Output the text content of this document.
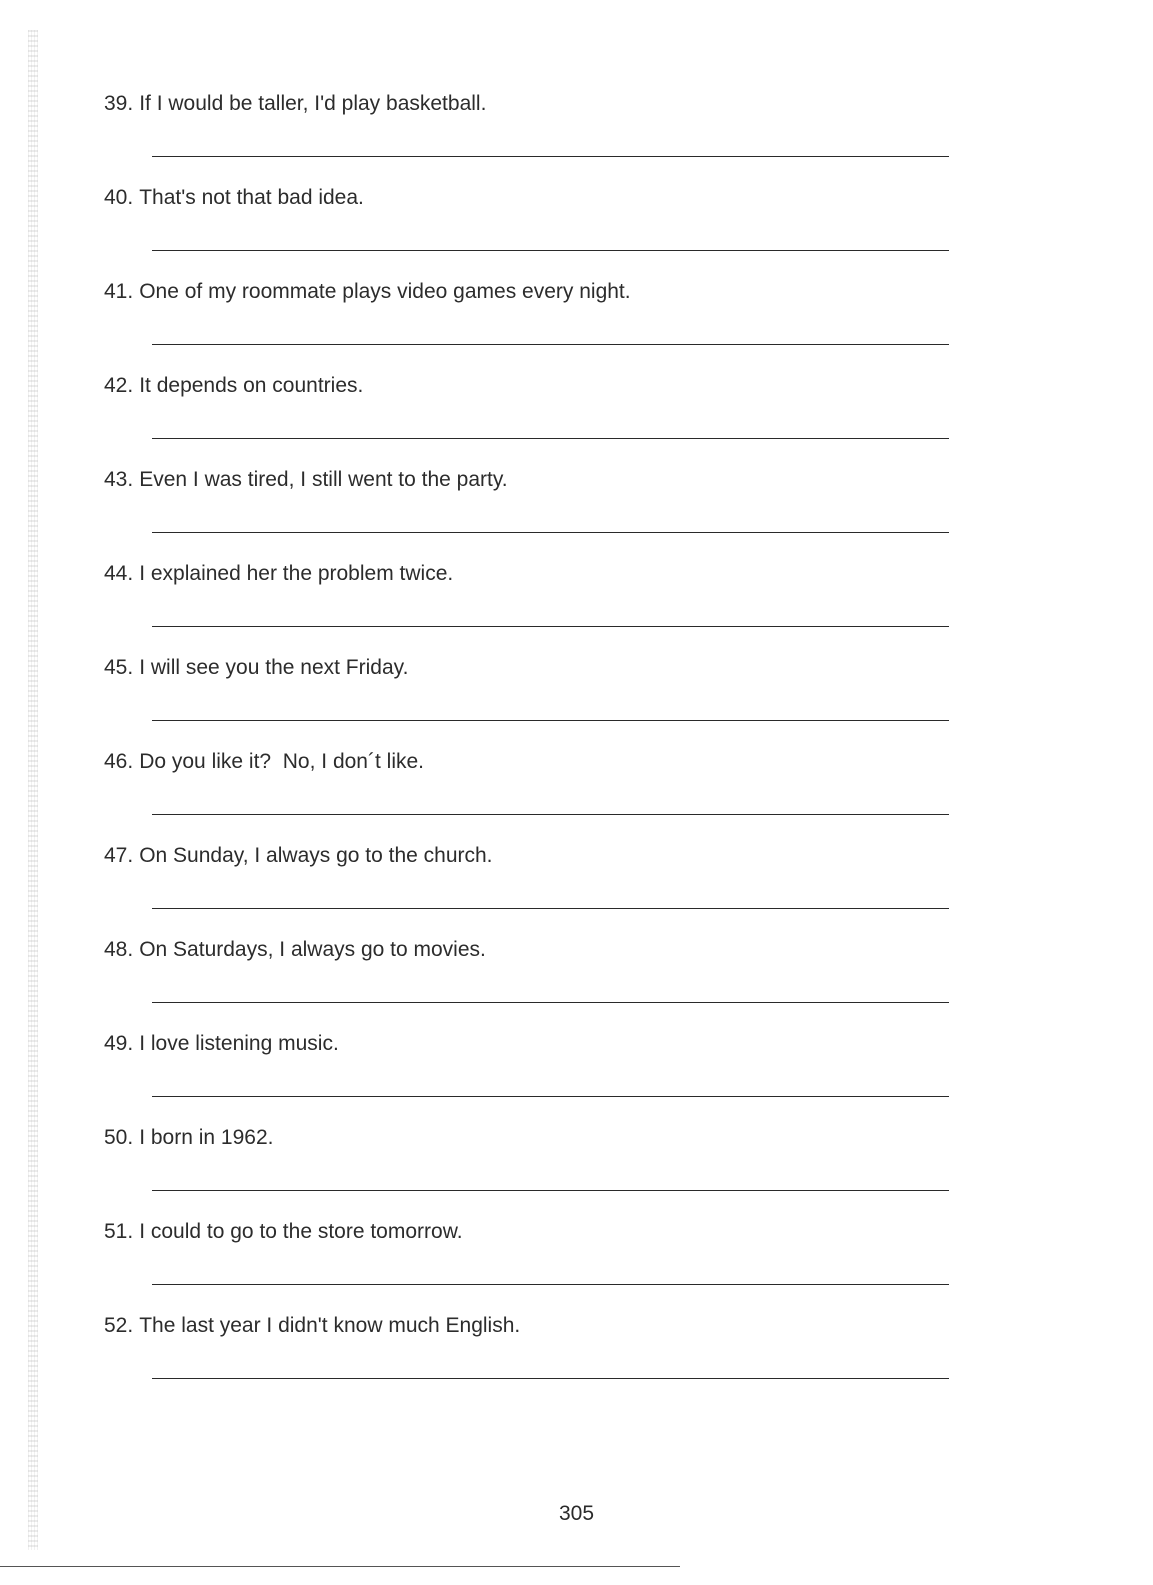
39. If I would be taller, I'd play basketball.
40. That's not that bad idea.
41. One of my roommate plays video games every night.
42. It depends on countries.
43. Even I was tired, I still went to the party.
44. I explained her the problem twice.
45. I will see you the next Friday.
46. Do you like it?  No, I don´t like.
47. On Sunday, I always go to the church.
48. On Saturdays, I always go to movies.
49. I love listening music.
50. I born in 1962.
51. I could to go to the store tomorrow.
52. The last year I didn't know much English.
305
